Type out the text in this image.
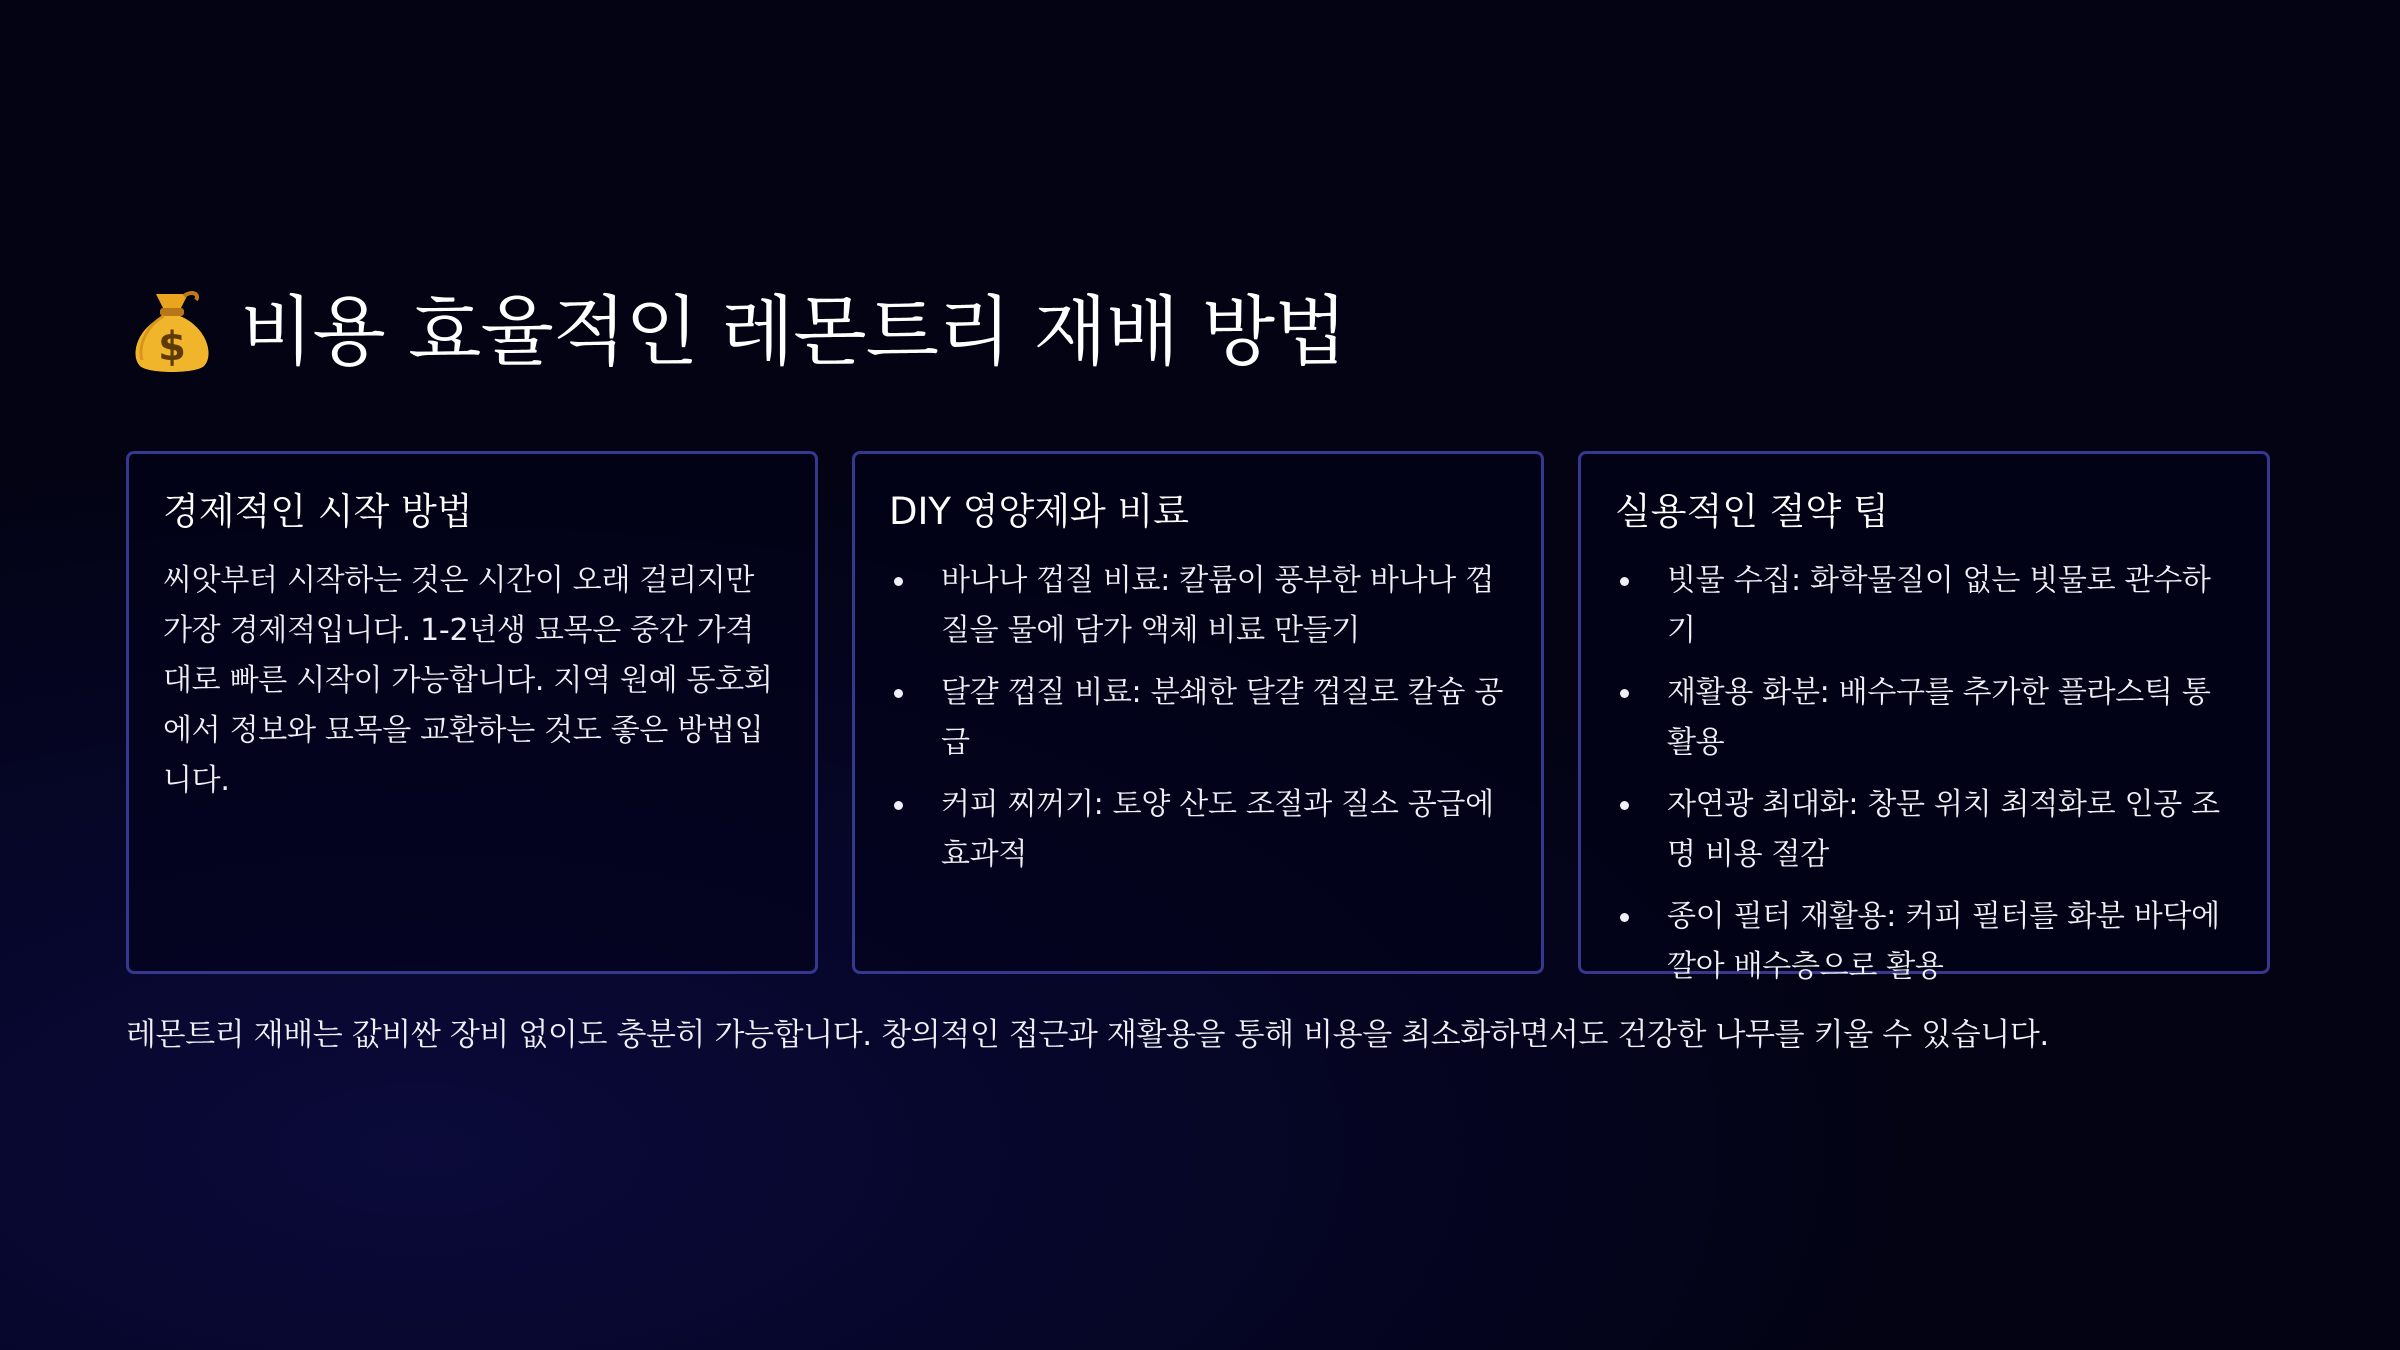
$ 비용 효율적인 레몬트리 재배 방법
경제적인 시작 방법
씨앗부터 시작하는 것은 시간이 오래 걸리지만 가장 경제적입니다. 1-2년생 묘목은 중간 가격대로 빠른 시작이 가능합니다. 지역 원예 동호회에서 정보와 묘목을 교환하는 것도 좋은 방법입니다.
DIY 영양제와 비료
바나나 껍질 비료: 칼륨이 풍부한 바나나 껍질을 물에 담가 액체 비료 만들기
달걀 껍질 비료: 분쇄한 달걀 껍질로 칼슘 공급
커피 찌꺼기: 토양 산도 조절과 질소 공급에 효과적
실용적인 절약 팁
빗물 수집: 화학물질이 없는 빗물로 관수하기
재활용 화분: 배수구를 추가한 플라스틱 통 활용
자연광 최대화: 창문 위치 최적화로 인공 조명 비용 절감
종이 필터 재활용: 커피 필터를 화분 바닥에 깔아 배수층으로 활용
레몬트리 재배는 값비싼 장비 없이도 충분히 가능합니다. 창의적인 접근과 재활용을 통해 비용을 최소화하면서도 건강한 나무를 키울 수 있습니다.
